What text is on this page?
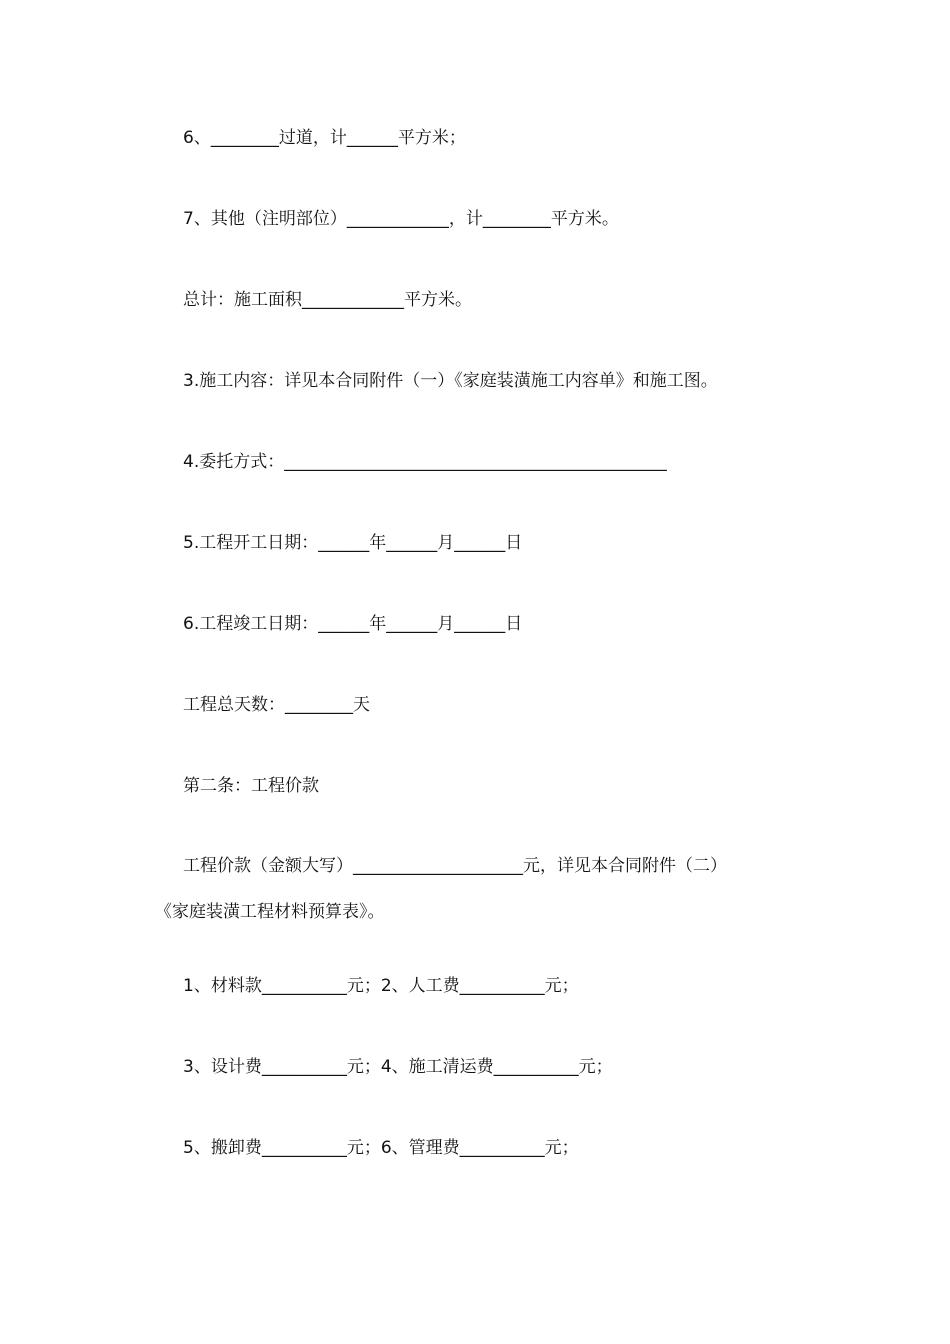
6、________过道，计______平方米；
7、其他（注明部位）____________，计________平方米。
总计：施工面积____________平方米。
3.施工内容：详见本合同附件（一）《家庭装潢施工内容单》和施工图。
4.委托方式：_____________________________________________
5.工程开工日期：______年______月______日
6.工程竣工日期：______年______月______日
工程总天数：________天
第二条：工程价款
工程价款（金额大写）____________________元，详见本合同附件（二）
《家庭装潢工程材料预算表》。
1、材料款__________元；2、人工费__________元；
3、设计费__________元；4、施工清运费__________元；
5、搬卸费__________元；6、管理费__________元；
